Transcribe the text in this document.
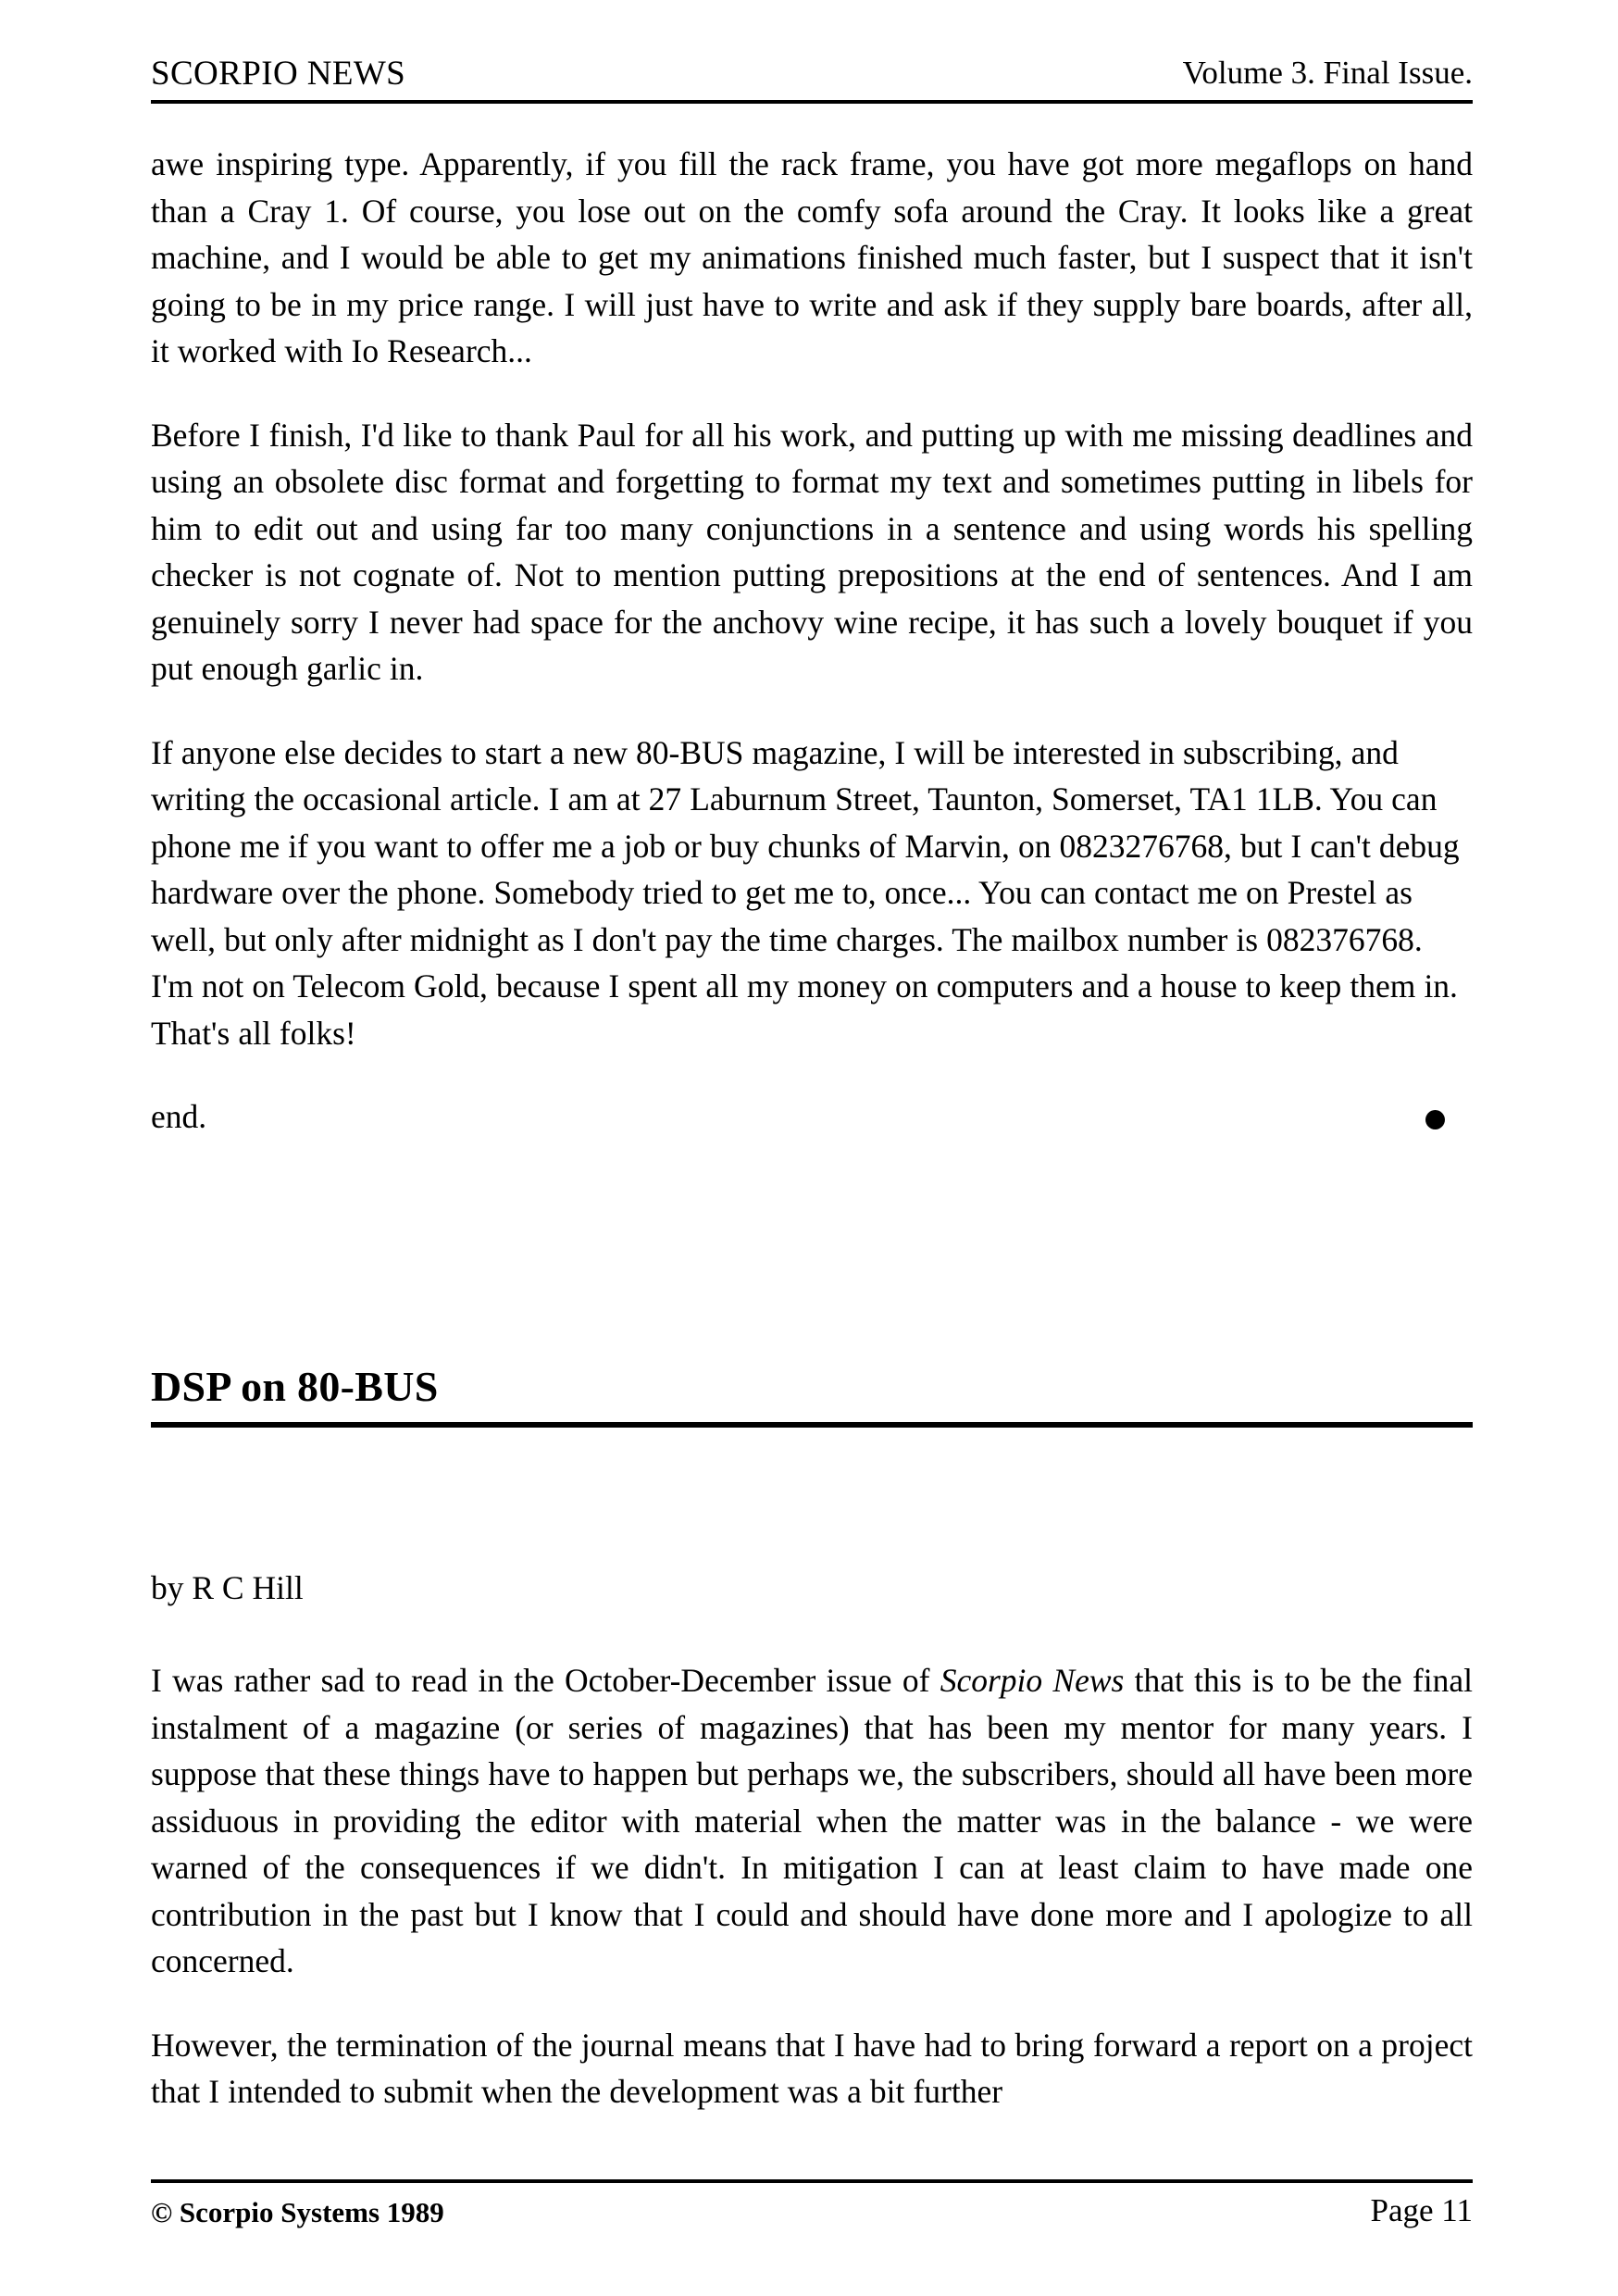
SCORPIO NEWS	Volume 3. Final Issue.

awe inspiring type. Apparently, if you fill the rack frame, you have got more megaflops on hand than a Cray 1. Of course, you lose out on the comfy sofa around the Cray. It looks like a great machine, and I would be able to get my animations finished much faster, but I suspect that it isn't going to be in my price range. I will just have to write and ask if they supply bare boards, after all, it worked with Io Research...

Before I finish, I'd like to thank Paul for all his work, and putting up with me missing deadlines and using an obsolete disc format and forgetting to format my text and sometimes putting in libels for him to edit out and using far too many conjunctions in a sentence and using words his spelling checker is not cognate of. Not to mention putting prepositions at the end of sentences. And I am genuinely sorry I never had space for the anchovy wine recipe, it has such a lovely bouquet if you put enough garlic in.

If anyone else decides to start a new 80-BUS magazine, I will be interested in subscribing, and writing the occasional article. I am at 27 Laburnum Street, Taunton, Somerset, TA1 1LB. You can phone me if you want to offer me a job or buy chunks of Marvin, on 0823276768, but I can't debug hardware over the phone. Somebody tried to get me to, once... You can contact me on Prestel as well, but only after midnight as I don't pay the time charges. The mailbox number is 082376768. I'm not on Telecom Gold, because I spent all my money on computers and a house to keep them in. That's all folks!

end.
DSP on 80-BUS
by R C Hill

I was rather sad to read in the October-December issue of Scorpio News that this is to be the final instalment of a magazine (or series of magazines) that has been my mentor for many years. I suppose that these things have to happen but perhaps we, the subscribers, should all have been more assiduous in providing the editor with material when the matter was in the balance - we were warned of the consequences if we didn't. In mitigation I can at least claim to have made one contribution in the past but I know that I could and should have done more and I apologize to all concerned.

However, the termination of the journal means that I have had to bring forward a report on a project that I intended to submit when the development was a bit further

© Scorpio Systems 1989	Page 11
